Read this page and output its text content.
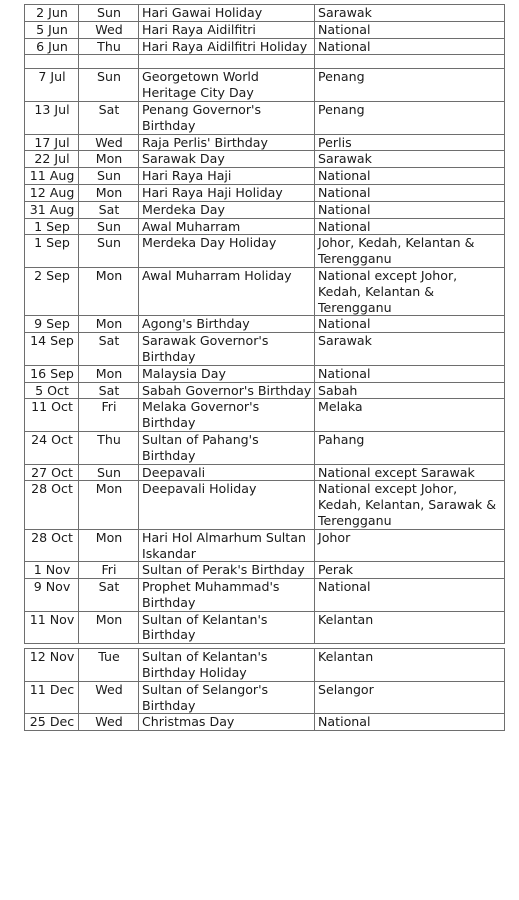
2 Jun	Sun	Hari Gawai Holiday	Sarawak
5 Jun	Wed	Hari Raya Aidilfitri	National
6 Jun	Thu	Hari Raya Aidilfitri Holiday	National

7 Jul	Sun	Georgetown World Heritage City Day	Penang
13 Jul	Sat	Penang Governor's Birthday	Penang
17 Jul	Wed	Raja Perlis' Birthday	Perlis
22 Jul	Mon	Sarawak Day	Sarawak
11 Aug	Sun	Hari Raya Haji	National
12 Aug	Mon	Hari Raya Haji Holiday	National
31 Aug	Sat	Merdeka Day	National
1 Sep	Sun	Awal Muharram	National
1 Sep	Sun	Merdeka Day Holiday	Johor, Kedah, Kelantan & Terengganu
2 Sep	Mon	Awal Muharram Holiday	National except Johor, Kedah, Kelantan & Terengganu
9 Sep	Mon	Agong's Birthday	National
14 Sep	Sat	Sarawak Governor's Birthday	Sarawak
16 Sep	Mon	Malaysia Day	National
5 Oct	Sat	Sabah Governor's Birthday	Sabah
11 Oct	Fri	Melaka Governor's Birthday	Melaka
24 Oct	Thu	Sultan of Pahang's Birthday	Pahang
27 Oct	Sun	Deepavali	National except Sarawak
28 Oct	Mon	Deepavali Holiday	National except Johor, Kedah, Kelantan, Sarawak & Terengganu
28 Oct	Mon	Hari Hol Almarhum Sultan Iskandar	Johor
1 Nov	Fri	Sultan of Perak's Birthday	Perak
9 Nov	Sat	Prophet Muhammad's Birthday	National
11 Nov	Mon	Sultan of Kelantan's Birthday	Kelantan

12 Nov	Tue	Sultan of Kelantan's Birthday Holiday	Kelantan
11 Dec	Wed	Sultan of Selangor's Birthday	Selangor
25 Dec	Wed	Christmas Day	National
